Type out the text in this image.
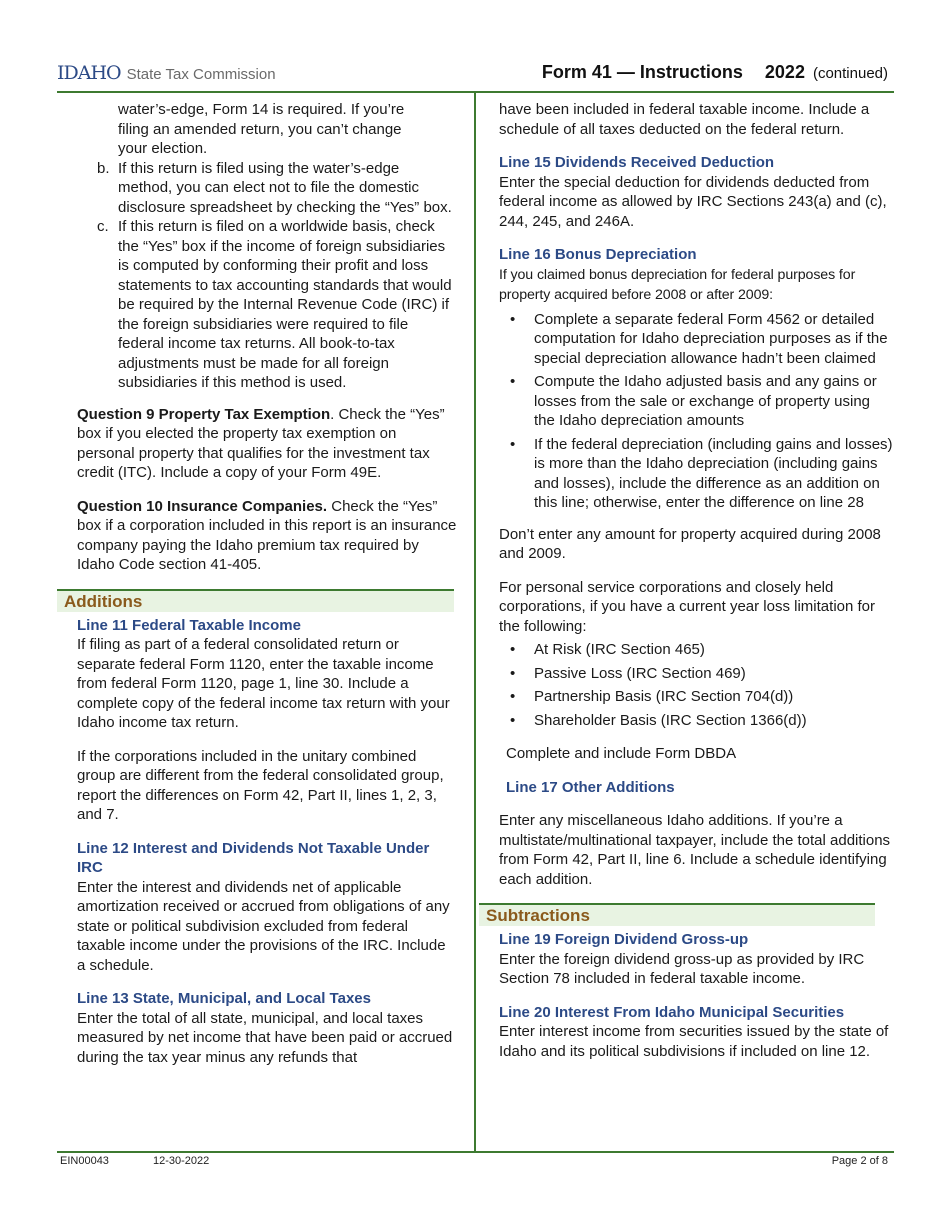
IDAHO State Tax Commission	Form 41 — Instructions 2022 (continued)
water’s-edge, Form 14 is required. If you’re
filing an amended return, you can’t change
your election.
b. If this return is filed using the water’s-edge method, you can elect not to file the domestic disclosure spreadsheet by checking the “Yes” box.
c. If this return is filed on a worldwide basis, check the “Yes” box if the income of foreign subsidiaries is computed by conforming their profit and loss statements to tax accounting standards that would be required by the Internal Revenue Code (IRC) if the foreign subsidiaries were required to file federal income tax returns. All book-to-tax adjustments must be made for all foreign subsidiaries if this method is used.

Question 9 Property Tax Exemption. Check the “Yes” box if you elected the property tax exemption on personal property that qualifies for the investment tax credit (ITC). Include a copy of your Form 49E.

Question 10 Insurance Companies. Check the “Yes” box if a corporation included in this report is an insurance company paying the Idaho premium tax required by Idaho Code section 41-405.

Additions

Line 11 Federal Taxable Income
If filing as part of a federal consolidated return or separate federal Form 1120, enter the taxable income from federal Form 1120, page 1, line 30. Include a complete copy of the federal income tax return with your Idaho income tax return.

If the corporations included in the unitary combined group are different from the federal consolidated group, report the differences on Form 42, Part II, lines 1, 2, 3, and 7.

Line 12 Interest and Dividends Not Taxable Under IRC
Enter the interest and dividends net of applicable amortization received or accrued from obligations of any state or political subdivision excluded from federal taxable income under the provisions of the IRC. Include a schedule.

Line 13 State, Municipal, and Local Taxes
Enter the total of all state, municipal, and local taxes measured by net income that have been paid or accrued during the tax year minus any refunds that

have been included in federal taxable income. Include a schedule of all taxes deducted on the federal return.

Line 15 Dividends Received Deduction
Enter the special deduction for dividends deducted from federal income as allowed by IRC Sections 243(a) and (c), 244, 245, and 246A.

Line 16 Bonus Depreciation
If you claimed bonus depreciation for federal purposes for property acquired before 2008 or after 2009:

• Complete a separate federal Form 4562 or detailed computation for Idaho depreciation purposes as if the special depreciation allowance hadn’t been claimed
• Compute the Idaho adjusted basis and any gains or losses from the sale or exchange of property using the Idaho depreciation amounts
• If the federal depreciation (including gains and losses) is more than the Idaho depreciation (including gains and losses), include the difference as an addition on this line; otherwise, enter the difference on line 28

Don’t enter any amount for property acquired during 2008 and 2009.

For personal service corporations and closely held corporations, if you have a current year loss limitation for the following:

• At Risk (IRC Section 465)
• Passive Loss (IRC Section 469)
• Partnership Basis (IRC Section 704(d))
• Shareholder Basis (IRC Section 1366(d))

Complete and include Form DBDA

Line 17 Other Additions

Enter any miscellaneous Idaho additions. If you’re a multistate/multinational taxpayer, include the total additions from Form 42, Part II, line 6. Include a schedule identifying each addition.

Subtractions

Line 19 Foreign Dividend Gross-up
Enter the foreign dividend gross-up as provided by IRC Section 78 included in federal taxable income.

Line 20 Interest From Idaho Municipal Securities
Enter interest income from securities issued by the state of Idaho and its political subdivisions if included on line 12.

EIN00043	12-30-2022	Page 2 of 8
